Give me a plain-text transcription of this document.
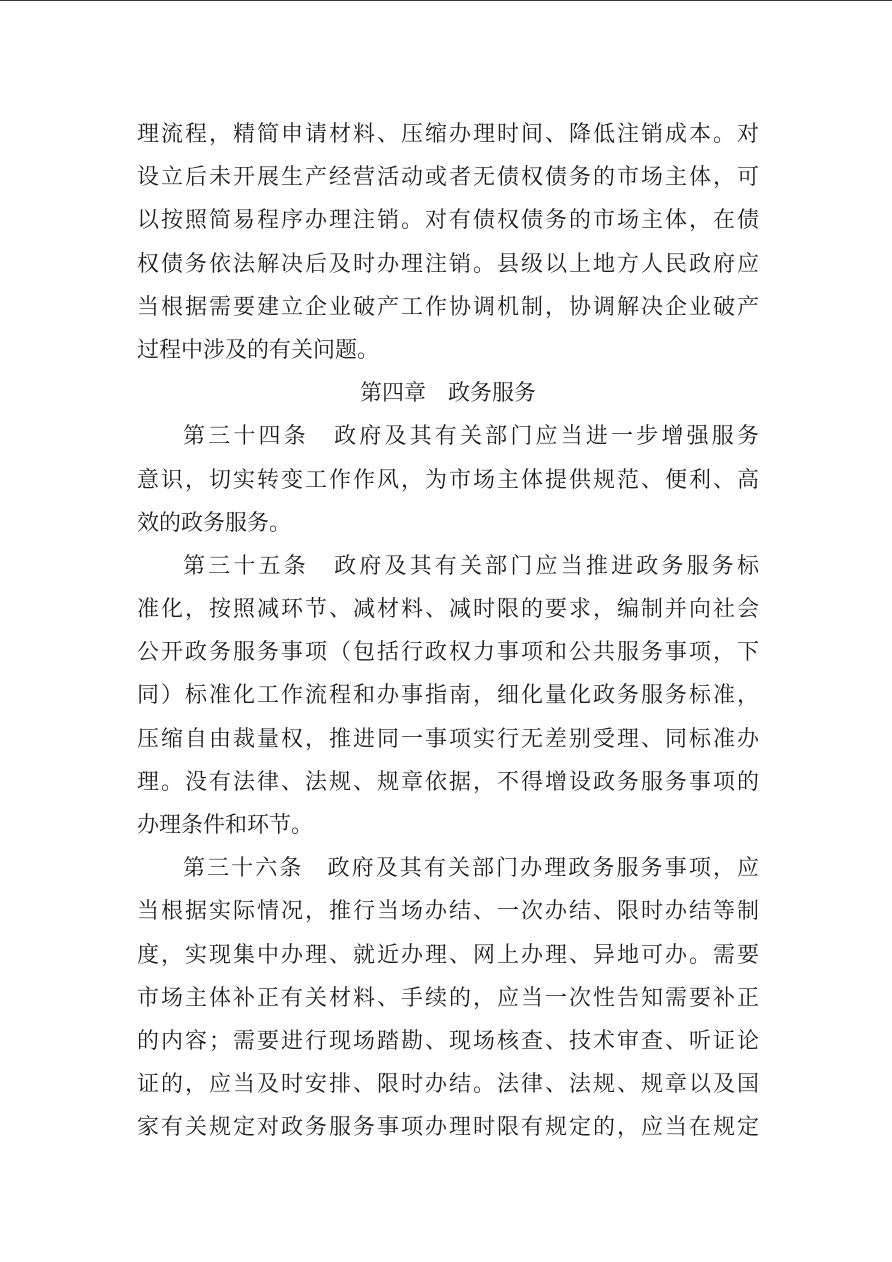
理流程，精简申请材料、压缩办理时间、降低注销成本。对
设立后未开展生产经营活动或者无债权债务的市场主体，可
以按照简易程序办理注销。对有债权债务的市场主体，在债
权债务依法解决后及时办理注销。县级以上地方人民政府应
当根据需要建立企业破产工作协调机制，协调解决企业破产
过程中涉及的有关问题。
第四章　政务服务
第三十四条　政府及其有关部门应当进一步增强服务
意识，切实转变工作作风，为市场主体提供规范、便利、高
效的政务服务。
第三十五条　政府及其有关部门应当推进政务服务标
准化，按照减环节、减材料、减时限的要求，编制并向社会
公开政务服务事项（包括行政权力事项和公共服务事项，下
同）标准化工作流程和办事指南，细化量化政务服务标准，
压缩自由裁量权，推进同一事项实行无差别受理、同标准办
理。没有法律、法规、规章依据，不得增设政务服务事项的
办理条件和环节。
第三十六条　政府及其有关部门办理政务服务事项，应
当根据实际情况，推行当场办结、一次办结、限时办结等制
度，实现集中办理、就近办理、网上办理、异地可办。需要
市场主体补正有关材料、手续的，应当一次性告知需要补正
的内容；需要进行现场踏勘、现场核查、技术审查、听证论
证的，应当及时安排、限时办结。法律、法规、规章以及国
家有关规定对政务服务事项办理时限有规定的，应当在规定
